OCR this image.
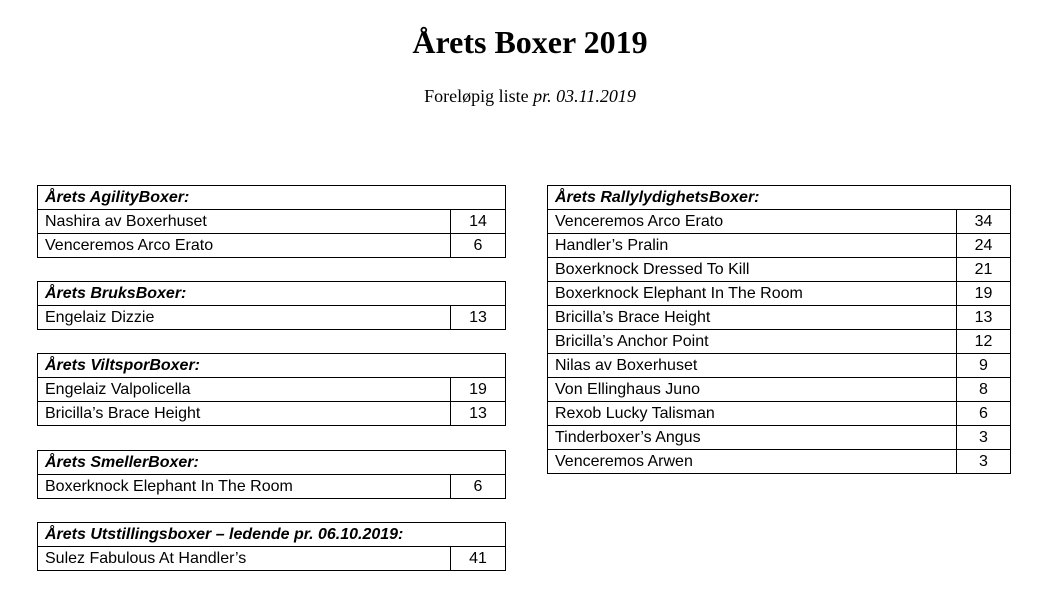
Årets Boxer 2019
Foreløpig liste pr. 03.11.2019
Årets AgilityBoxer:	
Nashira av Boxerhuset	14
Venceremos Arco Erato	6
Årets BruksBoxer:
Engelaiz Dizzie	13
Årets ViltsporBoxer:	
Engelaiz Valpolicella	19
Bricilla’s Brace Height	13
Årets SmellerBoxer:
Boxerknock Elephant In The Room	6
Årets Utstillingsboxer – ledende pr. 06.10.2019:
Sulez Fabulous At Handler’s	41
Årets RallylydighetsBoxer:	
Venceremos Arco Erato	34
Handler’s Pralin	24
Boxerknock Dressed To Kill	21
Boxerknock Elephant In The Room	19
Bricilla’s Brace Height	13
Bricilla’s Anchor Point	12
Nilas av Boxerhuset	9
Von Ellinghaus Juno	8
Rexob Lucky Talisman	6
Tinderboxer’s Angus	3
Venceremos Arwen	3
